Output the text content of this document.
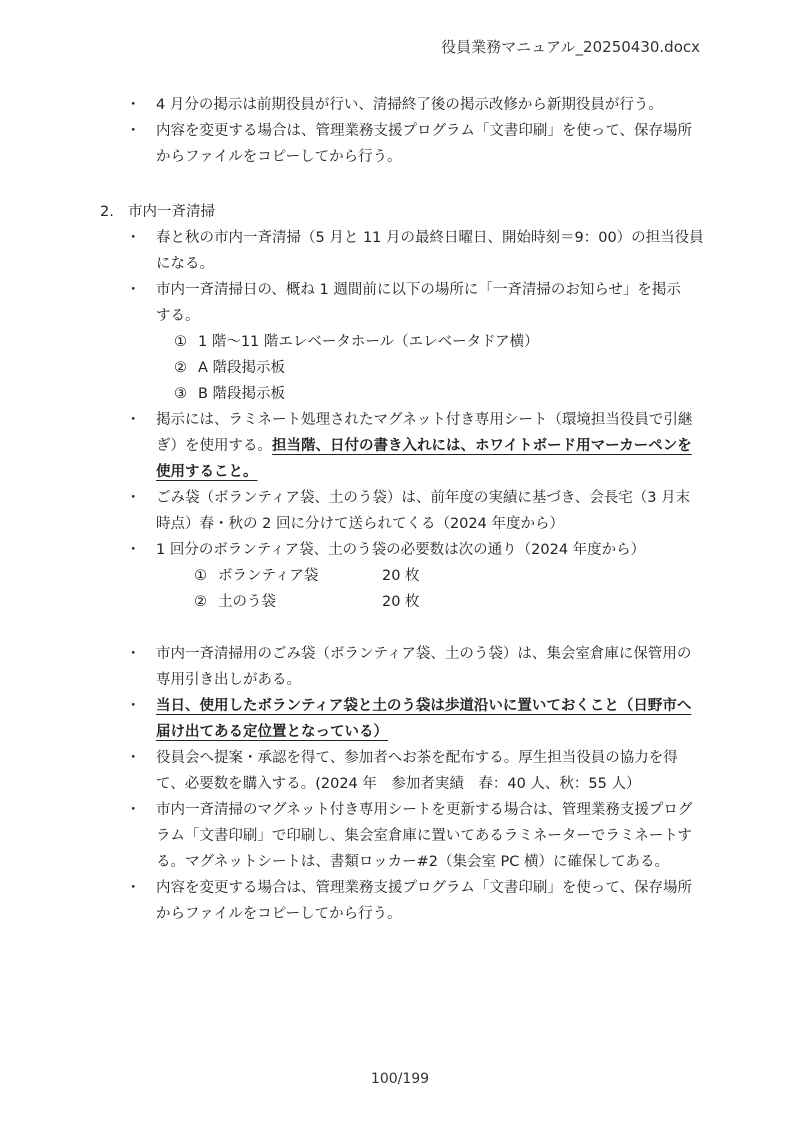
役員業務マニュアル_20250430.docx
・ 4 月分の掲示は前期役員が行い、清掃終了後の掲示改修から新期役員が行う。
・ 内容を変更する場合は、管理業務支援プログラム「文書印刷」を使って、保存場所
からファイルをコピーしてから行う。
2. 市内一斉清掃
・ 春と秋の市内一斉清掃（5 月と 11 月の最終日曜日、開始時刻＝9：00）の担当役員
になる。
・ 市内一斉清掃日の、概ね 1 週間前に以下の場所に「一斉清掃のお知らせ」を掲示
する。
① 1 階〜11 階エレベータホール（エレベータドア横）
② A 階段掲示板
③ B 階段掲示板
・ 掲示には、ラミネート処理されたマグネット付き専用シート（環境担当役員で引継
ぎ）を使用する。担当階、日付の書き入れには、ホワイトボード用マーカーペンを
使用すること。
・ ごみ袋（ボランティア袋、土のう袋）は、前年度の実績に基づき、会長宅（3 月末
時点）春・秋の 2 回に分けて送られてくる（2024 年度から）
・ 1 回分のボランティア袋、土のう袋の必要数は次の通り（2024 年度から）
① ボランティア袋	20 枚
② 土のう袋	20 枚
・ 市内一斉清掃用のごみ袋（ボランティア袋、土のう袋）は、集会室倉庫に保管用の
専用引き出しがある。
・ 当日、使用したボランティア袋と土のう袋は歩道沿いに置いておくこと（日野市へ
届け出てある定位置となっている）
・ 役員会へ提案・承認を得て、参加者へお茶を配布する。厚生担当役員の協力を得
て、必要数を購入する。(2024 年　参加者実績　春：40 人、秋：55 人）
・ 市内一斉清掃のマグネット付き専用シートを更新する場合は、管理業務支援プログ
ラム「文書印刷」で印刷し、集会室倉庫に置いてあるラミネーターでラミネートす
る。マグネットシートは、書類ロッカー#2（集会室 PC 横）に確保してある。
・ 内容を変更する場合は、管理業務支援プログラム「文書印刷」を使って、保存場所
からファイルをコピーしてから行う。
100/199
